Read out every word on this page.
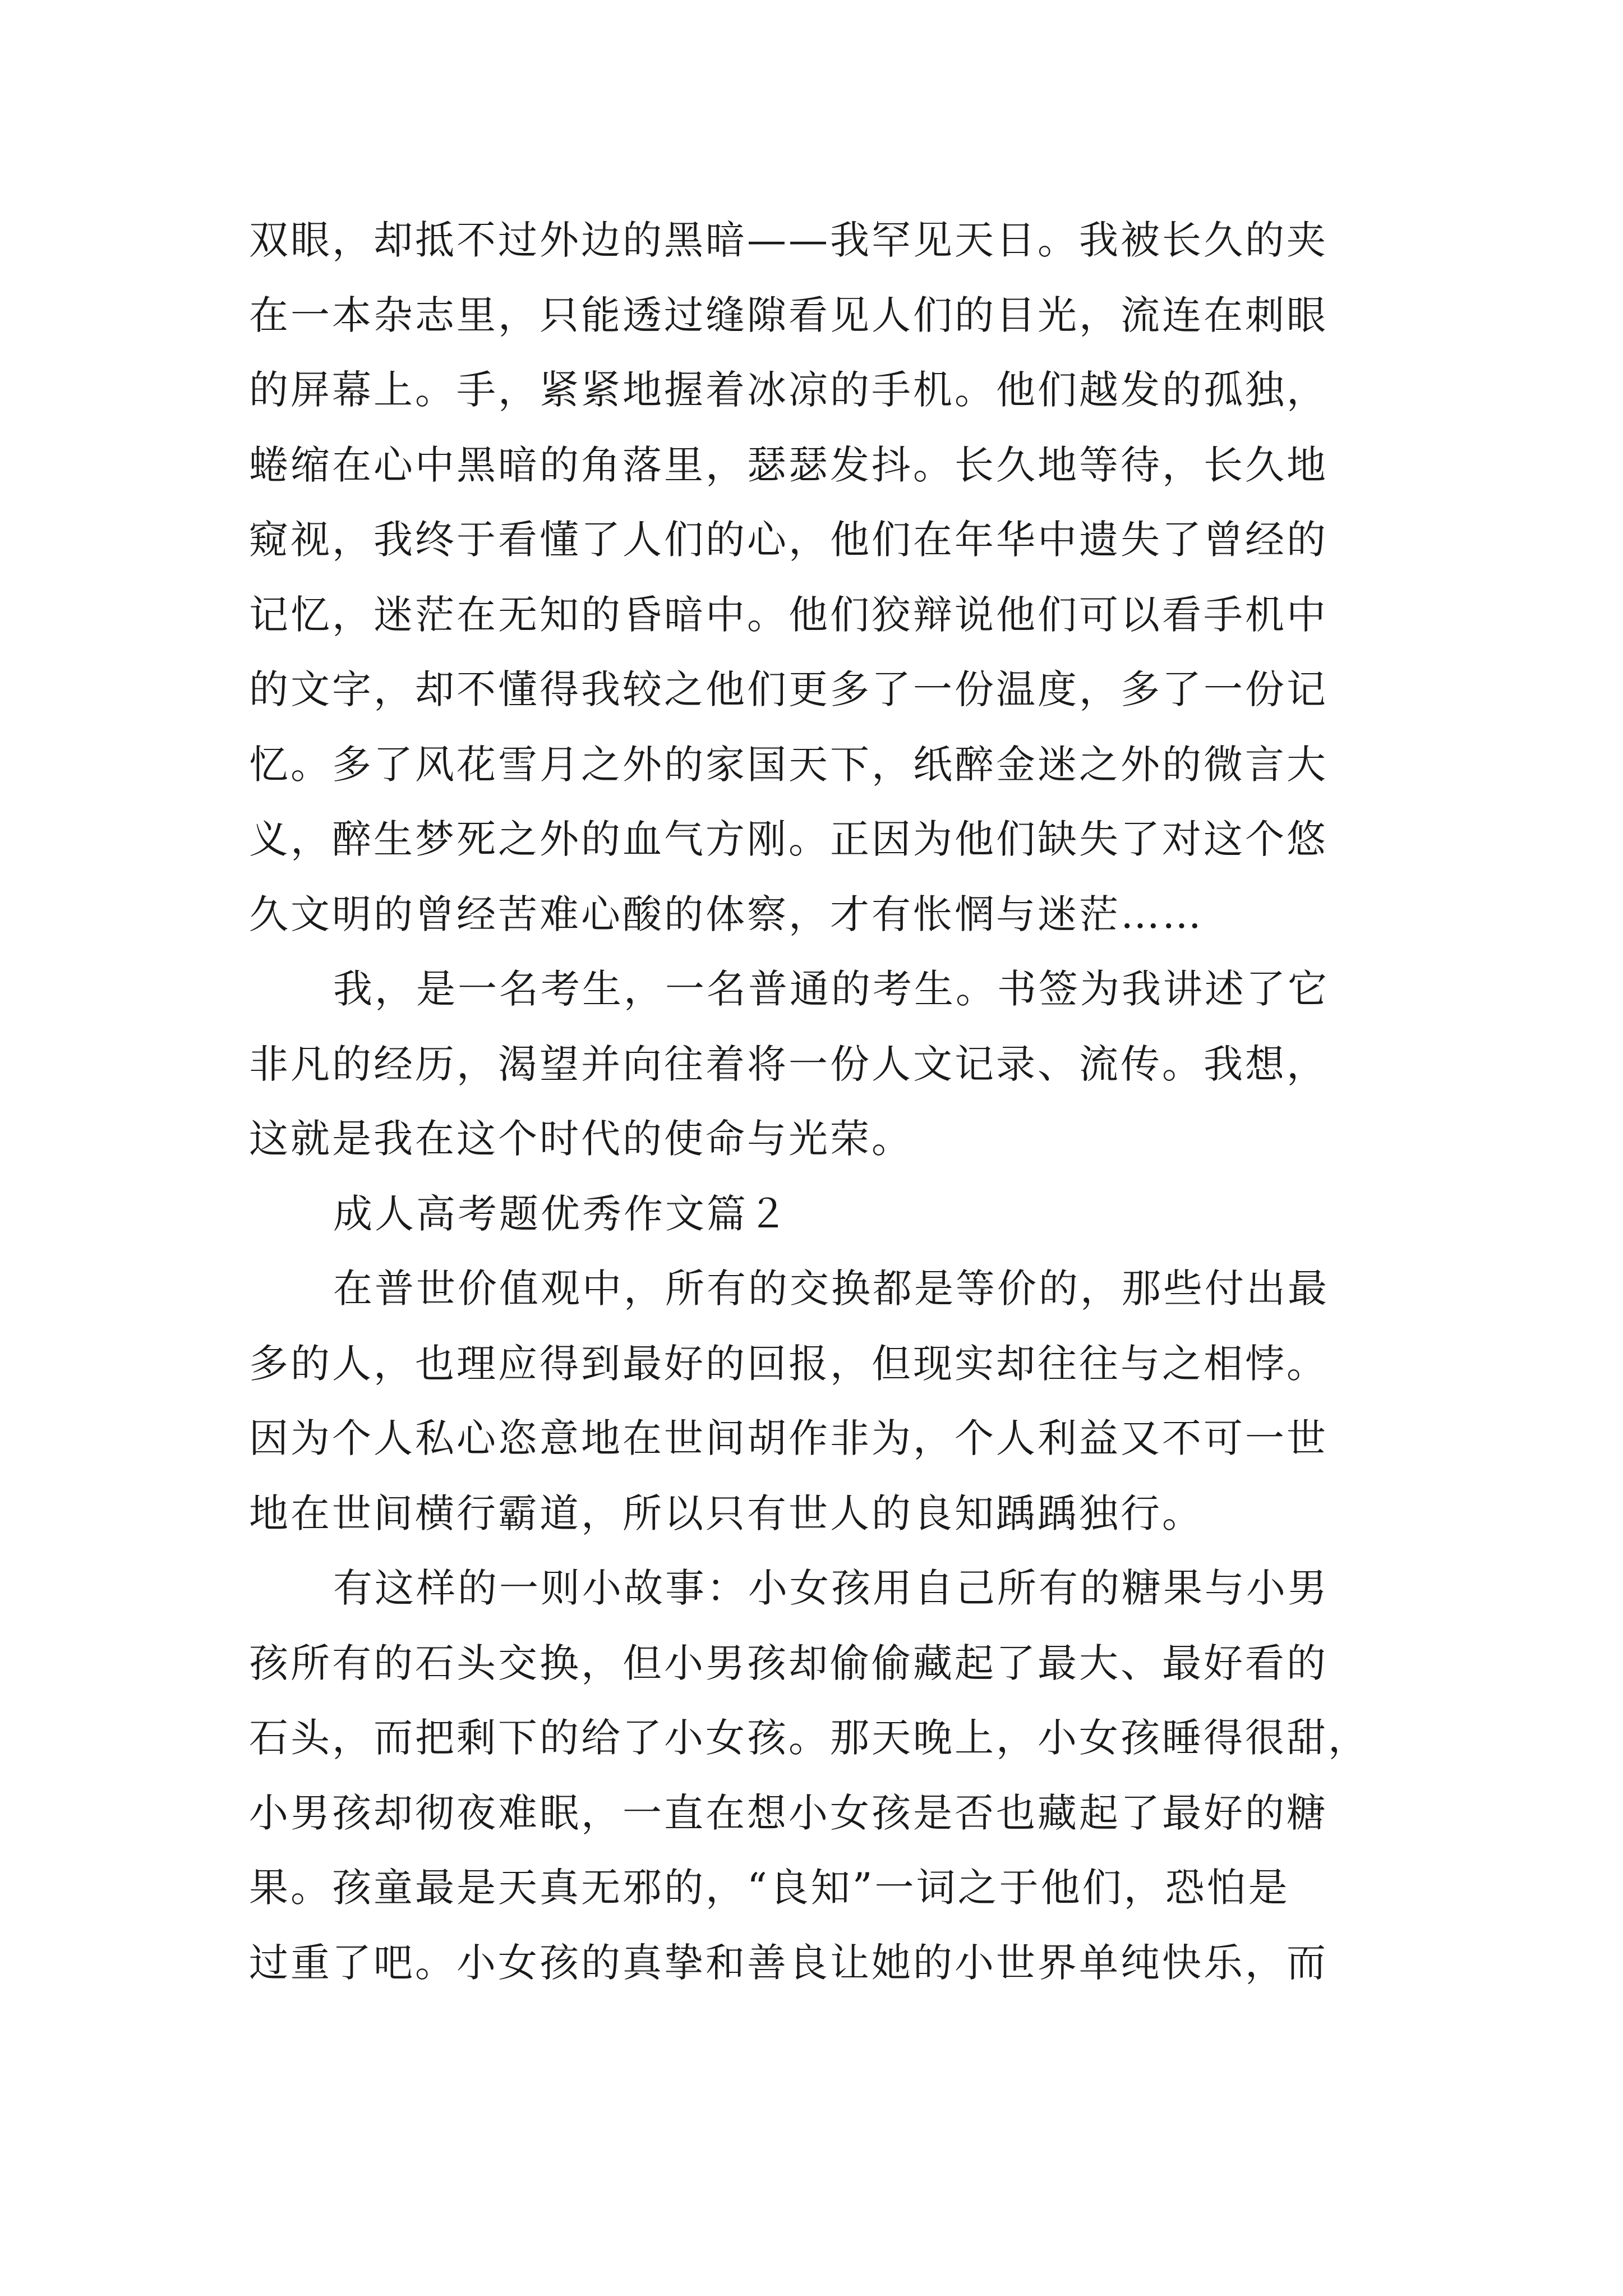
双眼，却抵不过外边的黑暗——我罕见天日。我被长久的夹
在一本杂志里，只能透过缝隙看见人们的目光，流连在刺眼
的屏幕上。手，紧紧地握着冰凉的手机。他们越发的孤独，
蜷缩在心中黑暗的角落里，瑟瑟发抖。长久地等待，长久地
窥视，我终于看懂了人们的心，他们在年华中遗失了曾经的
记忆，迷茫在无知的昏暗中。他们狡辩说他们可以看手机中
的文字，却不懂得我较之他们更多了一份温度，多了一份记
忆。多了风花雪月之外的家国天下，纸醉金迷之外的微言大
义，醉生梦死之外的血气方刚。正因为他们缺失了对这个悠
久文明的曾经苦难心酸的体察，才有怅惘与迷茫……
我，是一名考生，一名普通的考生。书签为我讲述了它
非凡的经历，渴望并向往着将一份人文记录、流传。我想，
这就是我在这个时代的使命与光荣。
成人高考题优秀作文篇２
在普世价值观中，所有的交换都是等价的，那些付出最
多的人，也理应得到最好的回报，但现实却往往与之相悖。
因为个人私心恣意地在世间胡作非为，个人利益又不可一世
地在世间横行霸道，所以只有世人的良知踽踽独行。
有这样的一则小故事：小女孩用自己所有的糖果与小男
孩所有的石头交换，但小男孩却偷偷藏起了最大、最好看的
石头，而把剩下的给了小女孩。那天晚上，小女孩睡得很甜，
小男孩却彻夜难眠，一直在想小女孩是否也藏起了最好的糖
果。孩童最是天真无邪的，“良知”一词之于他们，恐怕是
过重了吧。小女孩的真挚和善良让她的小世界单纯快乐，而
